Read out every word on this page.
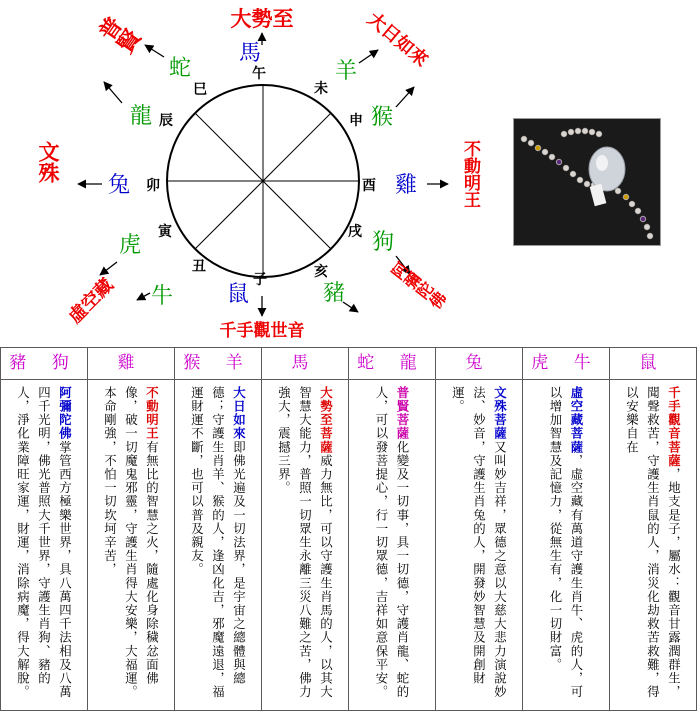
午
未
申
酉
戌
亥
子
丑
寅
卯
辰
巳
馬
羊
猴
雞
狗
豬
鼠
牛
虎
兔
龍
蛇
大勢至	大日如來
不動明王
阿彌陀佛
千手觀世音
虛空藏
文殊
普賢
豬 狗	雞	猴 羊	馬	蛇 龍	兔	虎 牛	鼠

阿彌陀佛掌管西方極樂世界，具八萬四千法相及八萬四千光明，佛光普照大千世界，守護生肖狗、豬的人，淨化業障旺家運，財運，消除病魔，得大解脫。	不動明王有無比的智慧之火，隨處化身除穢忿面佛像，破一切魔鬼邪靈，守護生肖得大安樂，大福運。本命剛強，不怕一切坎坷辛苦，	大日如來即佛光遍及一切法界，是宇宙之總體與總德；守護生肖羊、猴的人，逢凶化吉，邪魔遠退，福運財運不斷，也可以普及親友。	大勢至菩薩威力無比，可以守護生肖馬的人，以其大智慧大能力，普照一切眾生永離三災八難之苦，佛力強大，震撼三界。	普賢菩薩化變及一切事，具一切德，守護肖龍、蛇的人，可以發菩提心，行一切眾德，吉祥如意保平安。	文殊菩薩又叫妙吉祥，眾德之意以大慈大悲力演說妙法、妙音，守護生肖兔的人，開發妙智慧及開創財運。	虛空藏菩薩，虛空藏有萬道守護生肖牛、虎的人，可以增加智慧及記憶力，從無生有，化一切財富。	千手觀音菩薩，地支是子，屬水：觀音甘露潤群生，聞聲救苦，守護生肖鼠的人，消災化劫救苦救難，得以安樂自在
